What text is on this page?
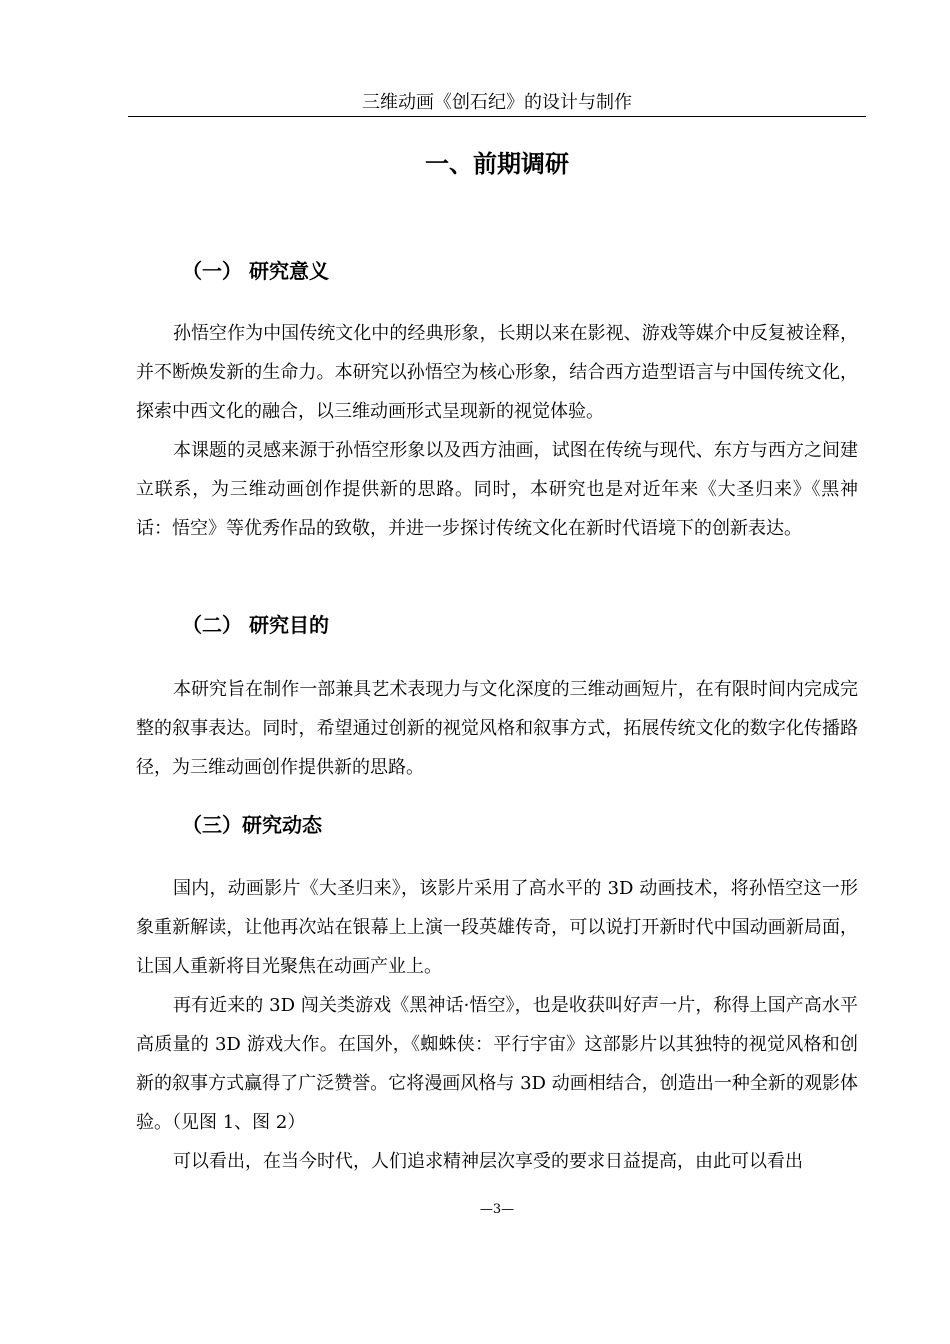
三维动画《创石纪》的设计与制作
一、前期调研
（一） 研究意义

孙悟空作为中国传统文化中的经典形象，长期以来在影视、游戏等媒介中反复被诠释，并不断焕发新的生命力。本研究以孙悟空为核心形象，结合西方造型语言与中国传统文化，探索中西文化的融合，以三维动画形式呈现新的视觉体验。

本课题的灵感来源于孙悟空形象以及西方油画，试图在传统与现代、东方与西方之间建立联系，为三维动画创作提供新的思路。同时，本研究也是对近年来《大圣归来》《黑神话：悟空》等优秀作品的致敬，并进一步探讨传统文化在新时代语境下的创新表达。

（二） 研究目的

本研究旨在制作一部兼具艺术表现力与文化深度的三维动画短片，在有限时间内完成完整的叙事表达。同时，希望通过创新的视觉风格和叙事方式，拓展传统文化的数字化传播路径，为三维动画创作提供新的思路。

（三）研究动态

国内，动画影片《大圣归来》，该影片采用了高水平的 3D 动画技术，将孙悟空这一形象重新解读，让他再次站在银幕上上演一段英雄传奇，可以说打开新时代中国动画新局面，让国人重新将目光聚焦在动画产业上。

再有近来的 3D 闯关类游戏《黑神话·悟空》，也是收获叫好声一片，称得上国产高水平高质量的 3D 游戏大作。在国外，《蜘蛛侠：平行宇宙》这部影片以其独特的视觉风格和创新的叙事方式赢得了广泛赞誉。它将漫画风格与 3D 动画相结合，创造出一种全新的观影体验。（见图 1、图 2）

可以看出，在当今时代，人们追求精神层次享受的要求日益提高，由此可以看出

—3—
